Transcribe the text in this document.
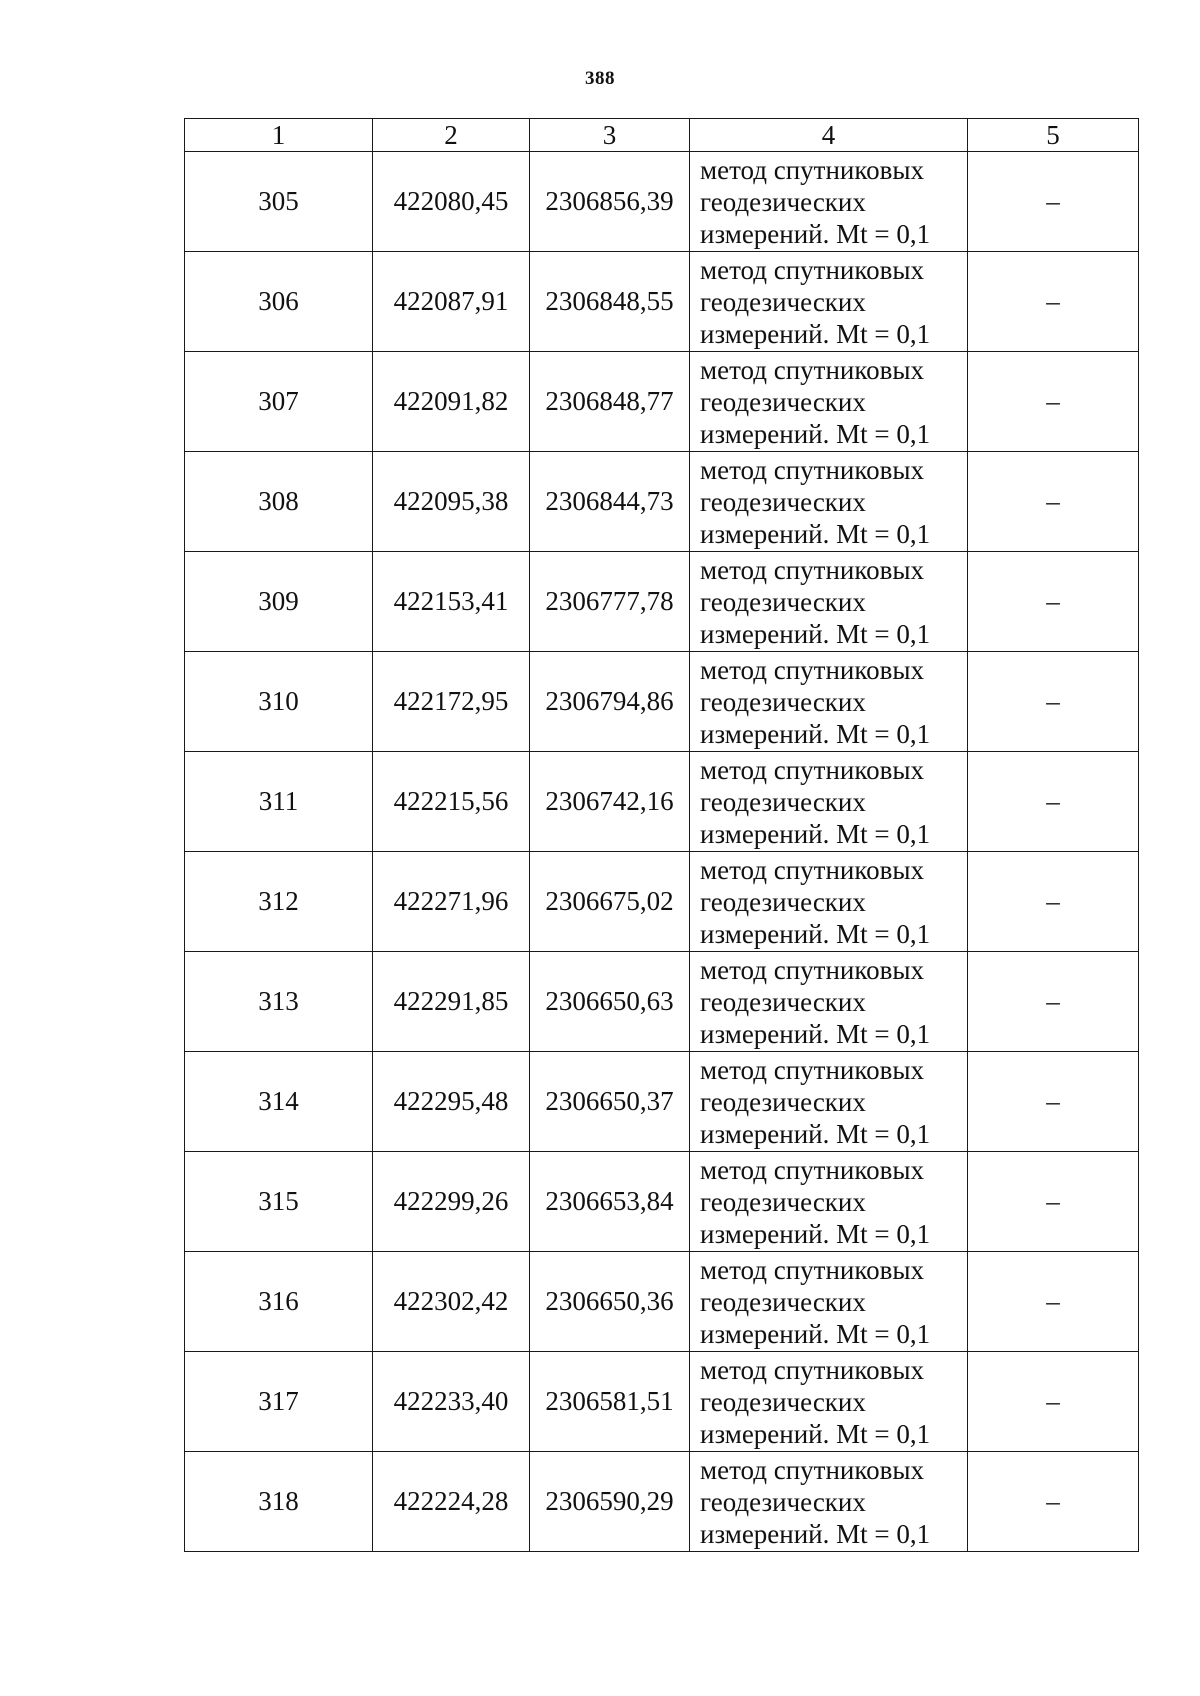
388
1	2	3	4	5
305	422080,45	2306856,39	метод спутниковых
геодезических
измерений. Mt = 0,1	–
306	422087,91	2306848,55	метод спутниковых
геодезических
измерений. Mt = 0,1	–
307	422091,82	2306848,77	метод спутниковых
геодезических
измерений. Mt = 0,1	–
308	422095,38	2306844,73	метод спутниковых
геодезических
измерений. Mt = 0,1	–
309	422153,41	2306777,78	метод спутниковых
геодезических
измерений. Mt = 0,1	–
310	422172,95	2306794,86	метод спутниковых
геодезических
измерений. Mt = 0,1	–
311	422215,56	2306742,16	метод спутниковых
геодезических
измерений. Mt = 0,1	–
312	422271,96	2306675,02	метод спутниковых
геодезических
измерений. Mt = 0,1	–
313	422291,85	2306650,63	метод спутниковых
геодезических
измерений. Mt = 0,1	–
314	422295,48	2306650,37	метод спутниковых
геодезических
измерений. Mt = 0,1	–
315	422299,26	2306653,84	метод спутниковых
геодезических
измерений. Mt = 0,1	–
316	422302,42	2306650,36	метод спутниковых
геодезических
измерений. Mt = 0,1	–
317	422233,40	2306581,51	метод спутниковых
геодезических
измерений. Mt = 0,1	–
318	422224,28	2306590,29	метод спутниковых
геодезических
измерений. Mt = 0,1	–
